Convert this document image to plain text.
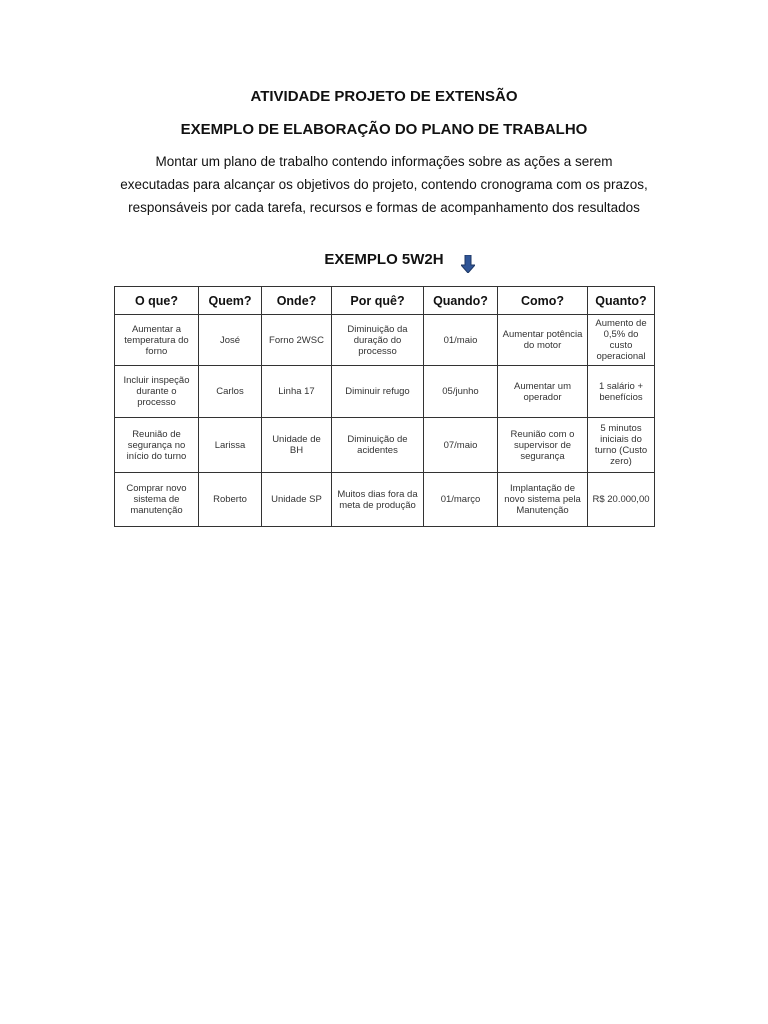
ATIVIDADE PROJETO DE EXTENSÃO
EXEMPLO DE ELABORAÇÃO DO PLANO DE TRABALHO

Montar um plano de trabalho contendo informações sobre as ações a serem
executadas para alcançar os objetivos do projeto, contendo cronograma com os prazos,
responsáveis por cada tarefa, recursos e formas de acompanhamento dos resultados

EXEMPLO 5W2H
O que?	Quem?	Onde?	Por quê?	Quando?	Como?	Quanto?
Aumentar a temperatura do forno	José	Forno 2WSC	Diminuição da duração do processo	01/maio	Aumentar potência do motor	Aumento de 0,5% do custo operacional
Incluir inspeção durante o processo	Carlos	Linha 17	Diminuir refugo	05/junho	Aumentar um operador	1 salário + benefícios
Reunião de segurança no início do turno	Larissa	Unidade de BH	Diminuição de acidentes	07/maio	Reunião com o supervisor de segurança	5 minutos iniciais do turno (Custo zero)
Comprar novo sistema de manutenção	Roberto	Unidade SP	Muitos dias fora da meta de produção	01/março	Implantação de novo sistema pela Manutenção	R$ 20.000,00
